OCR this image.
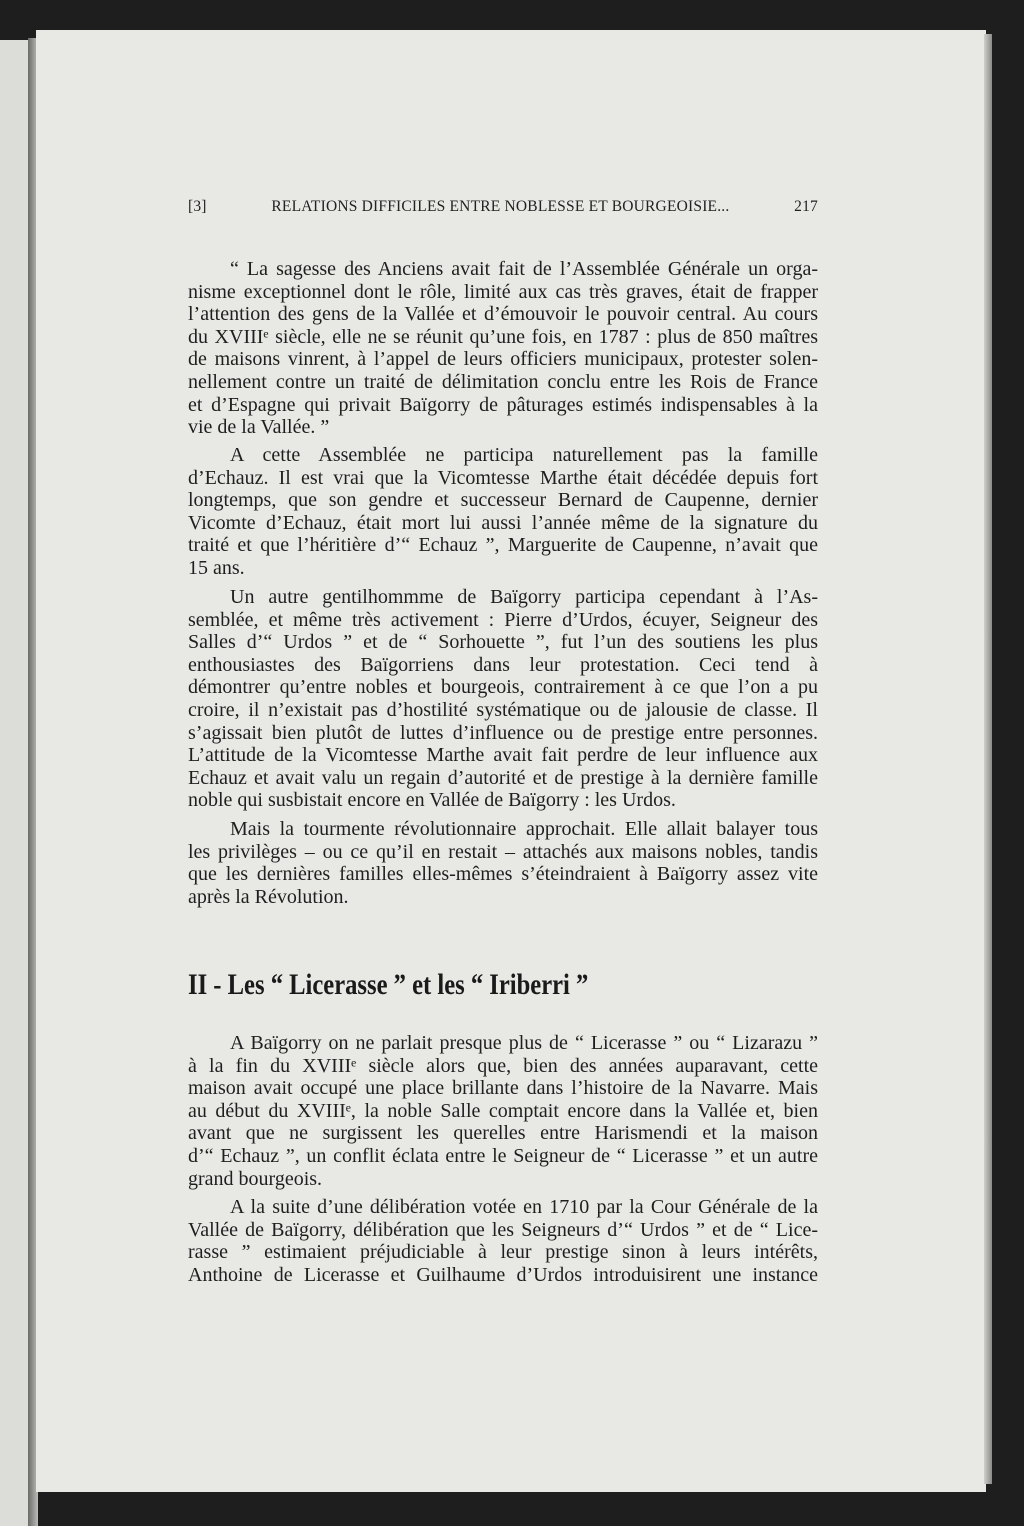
[3]	RELATIONS DIFFICILES ENTRE NOBLESSE ET BOURGEOISIE...	217
“ La sagesse des Anciens avait fait de l’Assemblée Générale un orga-
nisme exceptionnel dont le rôle, limité aux cas très graves, était de frapper
l’attention des gens de la Vallée et d’émouvoir le pouvoir central. Au cours
du XVIIIᵉ siècle, elle ne se réunit qu’une fois, en 1787 : plus de 850 maîtres
de maisons vinrent, à l’appel de leurs officiers municipaux, protester solen-
nellement contre un traité de délimitation conclu entre les Rois de France
et d’Espagne qui privait Baïgorry de pâturages estimés indispensables à la
vie de la Vallée. ”
A cette Assemblée ne participa naturellement pas la famille
d’Echauz. Il est vrai que la Vicomtesse Marthe était décédée depuis fort
longtemps, que son gendre et successeur Bernard de Caupenne, dernier
Vicomte d’Echauz, était mort lui aussi l’année même de la signature du
traité et que l’héritière d’“ Echauz ”, Marguerite de Caupenne, n’avait que
15 ans.
Un autre gentilhommme de Baïgorry participa cependant à l’As-
semblée, et même très activement : Pierre d’Urdos, écuyer, Seigneur des
Salles d’“ Urdos ” et de “ Sorhouette ”, fut l’un des soutiens les plus
enthousiastes des Baïgorriens dans leur protestation. Ceci tend à
démontrer qu’entre nobles et bourgeois, contrairement à ce que l’on a pu
croire, il n’existait pas d’hostilité systématique ou de jalousie de classe. Il
s’agissait bien plutôt de luttes d’influence ou de prestige entre personnes.
L’attitude de la Vicomtesse Marthe avait fait perdre de leur influence aux
Echauz et avait valu un regain d’autorité et de prestige à la dernière famille
noble qui susbistait encore en Vallée de Baïgorry : les Urdos.
Mais la tourmente révolutionnaire approchait. Elle allait balayer tous
les privilèges – ou ce qu’il en restait – attachés aux maisons nobles, tandis
que les dernières familles elles-mêmes s’éteindraient à Baïgorry assez vite
après la Révolution.
II - Les “ Licerasse ” et les “ Iriberri ”
A Baïgorry on ne parlait presque plus de “ Licerasse ” ou “ Lizarazu ”
à la fin du XVIIIᵉ siècle alors que, bien des années auparavant, cette
maison avait occupé une place brillante dans l’histoire de la Navarre. Mais
au début du XVIIIᵉ, la noble Salle comptait encore dans la Vallée et, bien
avant que ne surgissent les querelles entre Harismendi et la maison
d’“ Echauz ”, un conflit éclata entre le Seigneur de “ Licerasse ” et un autre
grand bourgeois.
A la suite d’une délibération votée en 1710 par la Cour Générale de la
Vallée de Baïgorry, délibération que les Seigneurs d’“ Urdos ” et de “ Lice-
rasse ” estimaient préjudiciable à leur prestige sinon à leurs intérêts,
Anthoine de Licerasse et Guilhaume d’Urdos introduisirent une instance
